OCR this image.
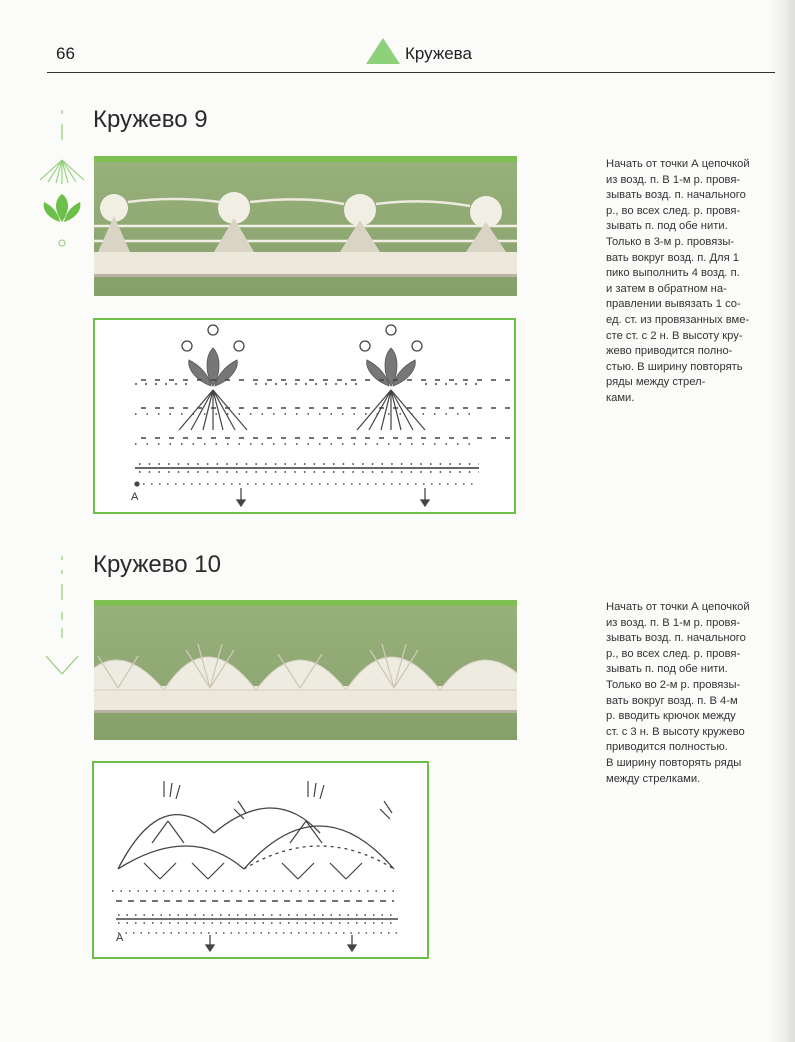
66	Кружева
Кружево 9
A

Начать от точки А цепочкой

из возд. п. В 1-м р. провя-

зывать возд. п. начального

р., во всех след. р. провя-

зывать п. под обе нити.

Только в 3-м р. провязы-

вать вокруг возд. п. Для 1

пико выполнить 4 возд. п.

и затем в обратном на-

правлении вывязать 1 со-

ед. ст. из провязанных вме-

сте ст. с 2 н. В высоту кру-

жево приводится полно-

стью. В ширину повторять

ряды между стрел-

ками.

Кружево 10
A

Начать от точки А цепочкой

из возд. п. В 1-м р. провя-

зывать возд. п. начального

р., во всех след. р. провя-

зывать п. под обе нити.

Только во 2-м р. провязы-

вать вокруг возд. п. В 4-м

р. вводить крючок между

ст. с 3 н. В высоту кружево

приводится полностью.

В ширину повторять ряды

между стрелками.
